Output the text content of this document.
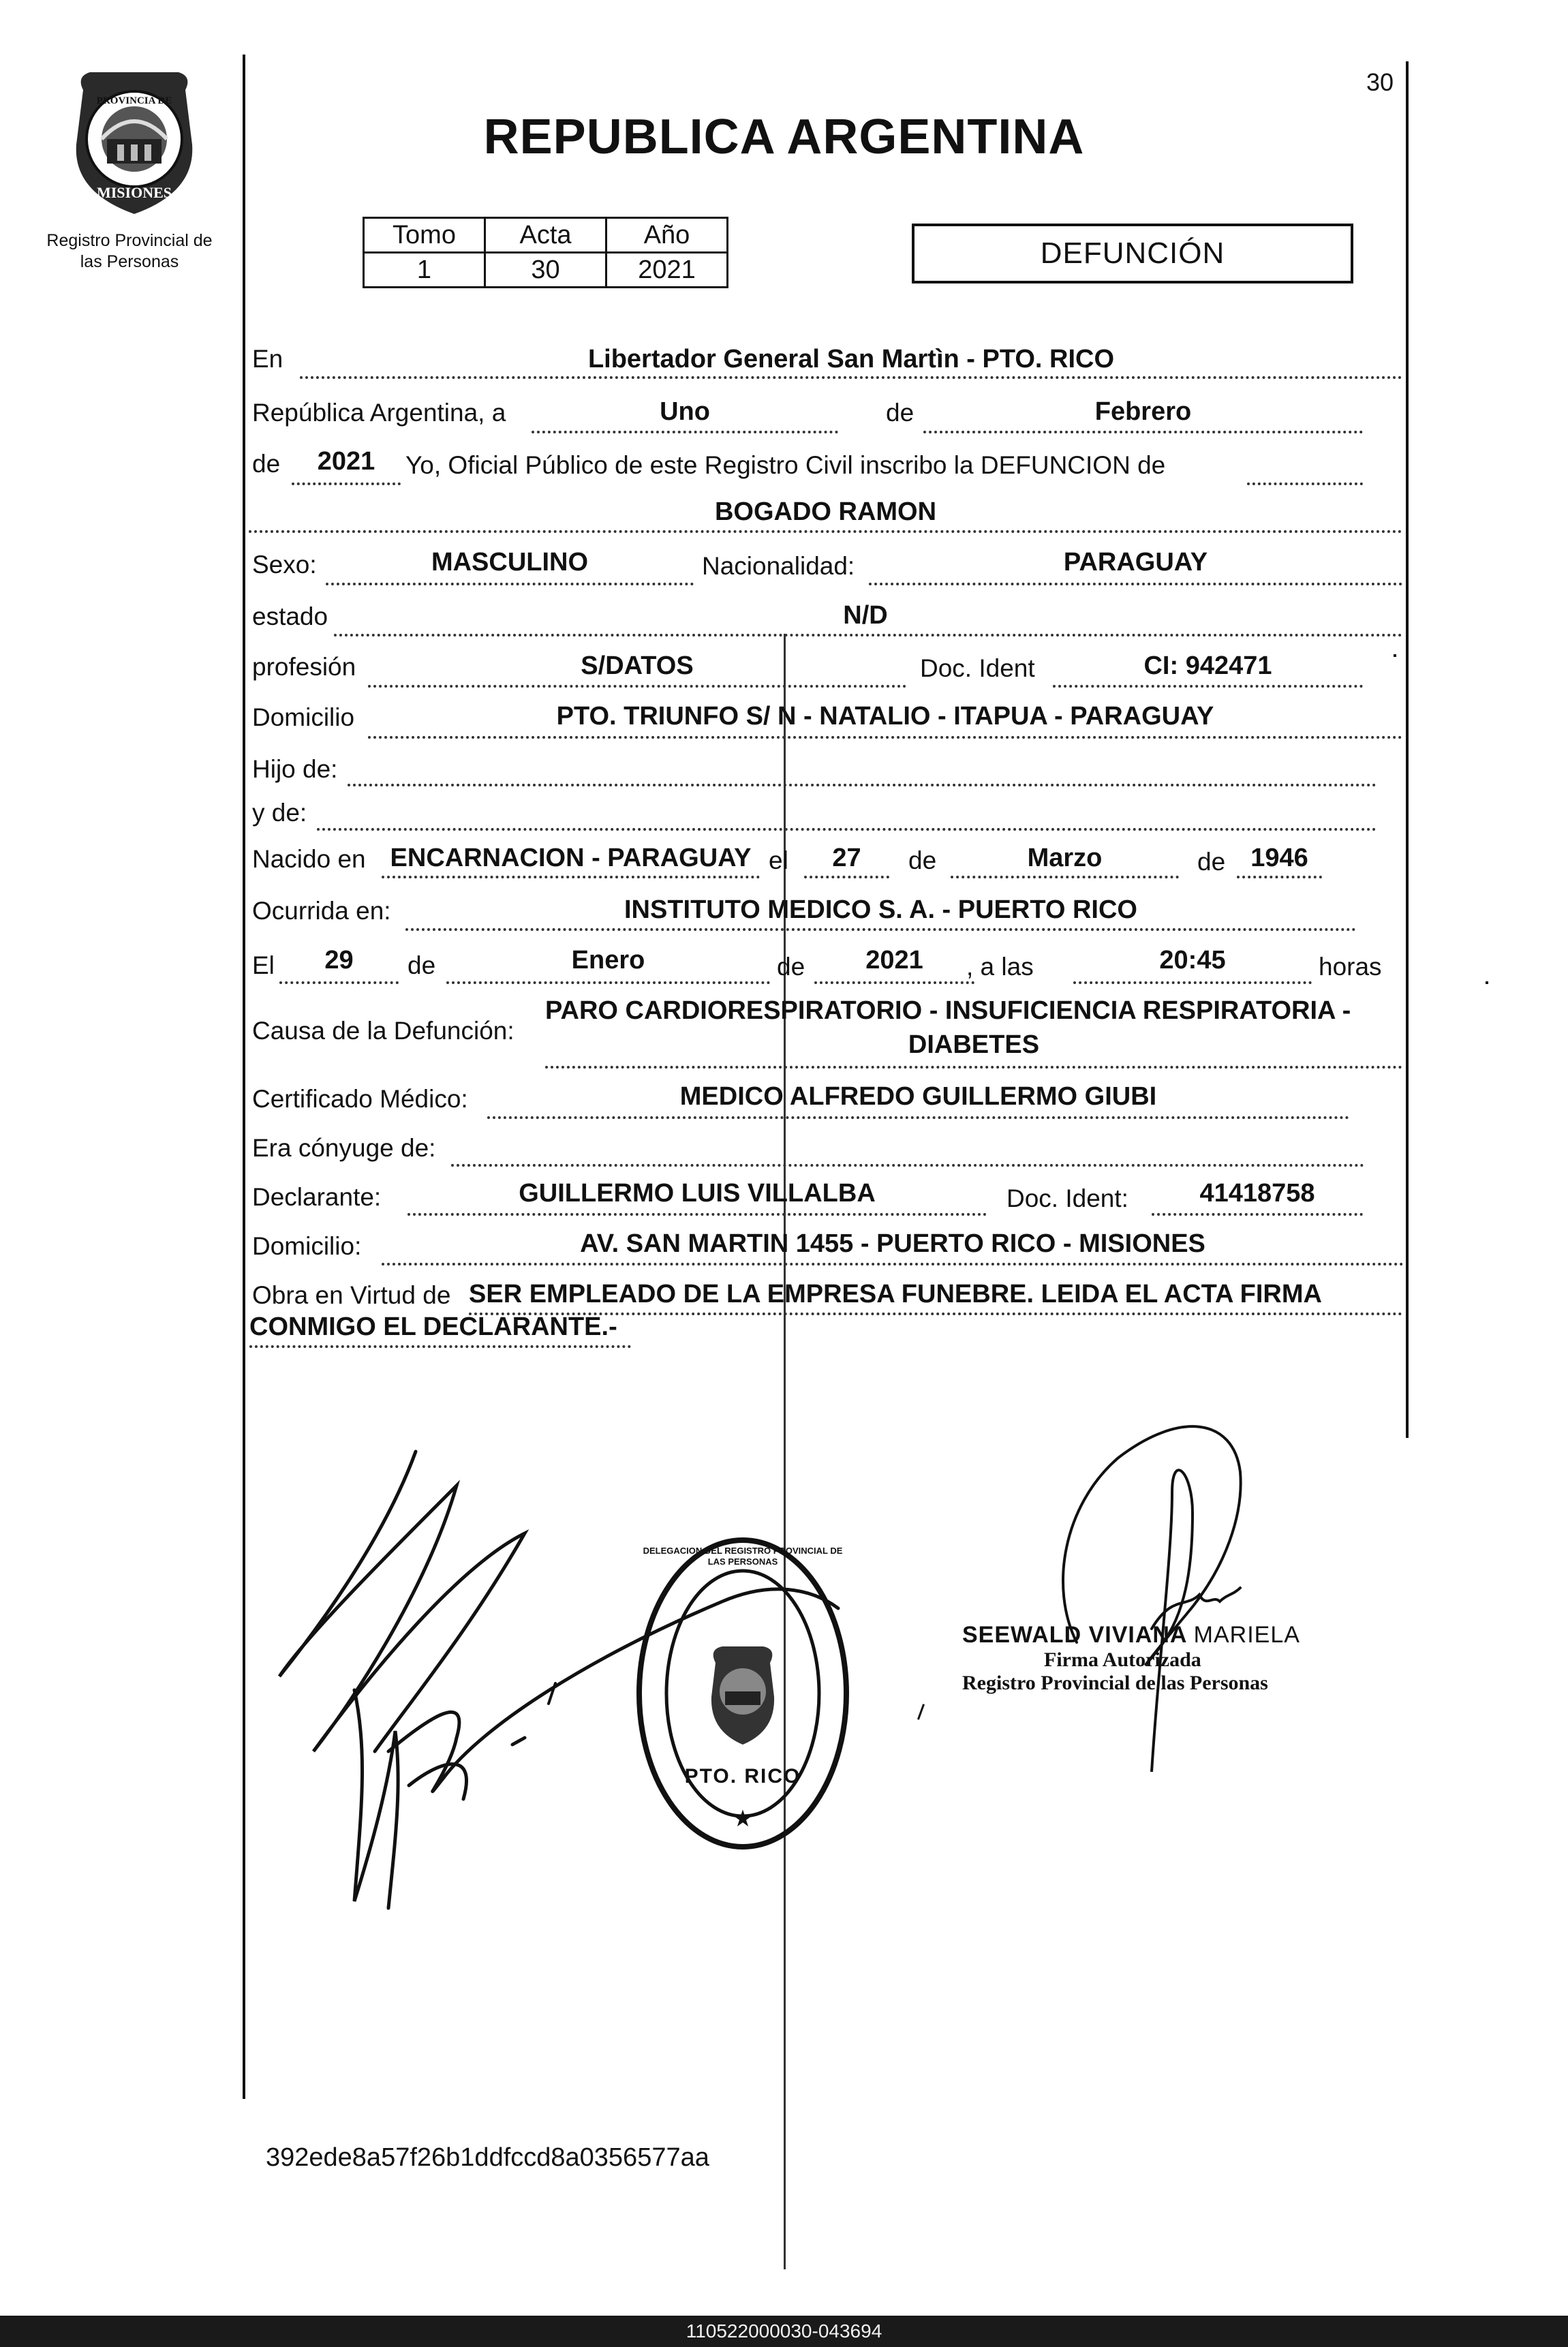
PROVINCIA DE
MISIONES
Registro Provincial de
las Personas
30
REPUBLICA ARGENTINA
Tomo	Acta	Año
1	30	2021	DEFUNCIÓN
En	Libertador General San Martìn - PTO. RICO
República Argentina, a	Uno	de	Febrero
de	2021	Yo, Oficial Público de este Registro Civil inscribo la DEFUNCION de
BOGADO RAMON
Sexo:	MASCULINO	Nacionalidad:	PARAGUAY
estado	N/D
profesión	S/DATOS	Doc. Ident	CI: 942471
Domicilio	PTO. TRIUNFO S/ N - NATALIO - ITAPUA - PARAGUAY
Hijo de:
y de:
Nacido en ENCARNACION - PARAGUAY el	27	de	Marzo	de 1946
Ocurrida en:	INSTITUTO MEDICO S. A. - PUERTO RICO
El	29	de	Enero	de	2021	, a las	20:45	horas
Causa de la Defunción:
PARO CARDIORESPIRATORIO - INSUFICIENCIA RESPIRATORIA -
DIABETES
Certificado Médico:	MEDICO ALFREDO GUILLERMO GIUBI
Era cónyuge de:
Declarante:	GUILLERMO LUIS VILLALBA	Doc. Ident:	41418758
Domicilio:	AV. SAN MARTIN 1455 - PUERTO RICO - MISIONES
Obra en Virtud de SER EMPLEADO DE LA EMPRESA FUNEBRE. LEIDA EL ACTA FIRMA
CONMIGO EL DECLARANTE.-
★
DELEGACION DEL REGISTRO PROVINCIAL DE LAS PERSONAS
PTO. RICO
SEEWALD VIVIANA MARIELA
Firma Autorizada
Registro Provincial de las Personas
392ede8a57f26b1ddfccd8a0356577aa
110522000030-043694
